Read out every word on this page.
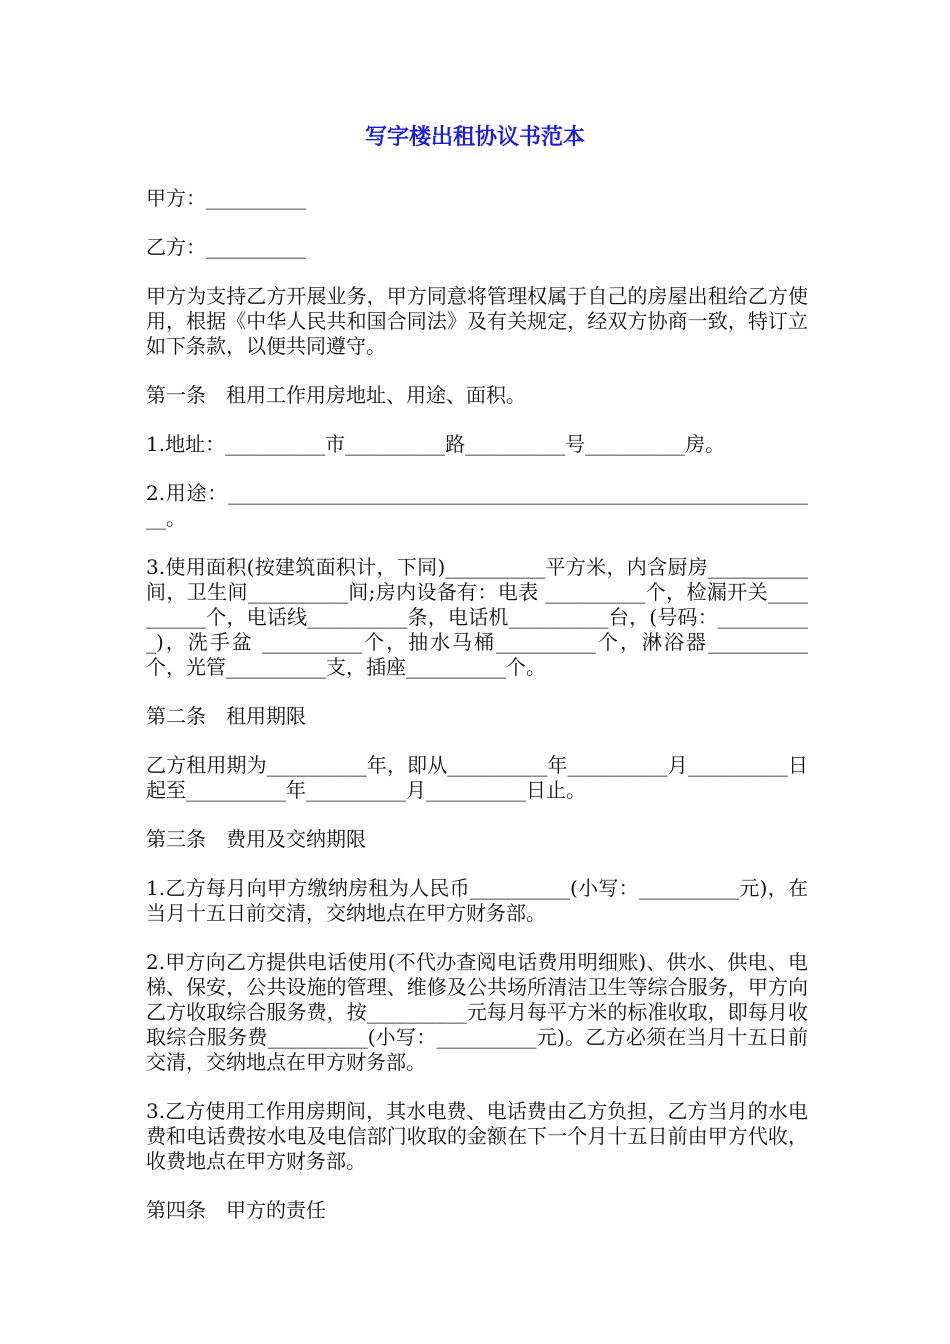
写字楼出租协议书范本

甲方：__________

乙方：__________

甲方为支持乙方开展业务，甲方同意将管理权属于自己的房屋出租给乙方使用，根据《中华人民共和国合同法》及有关规定，经双方协商一致，特订立如下条款，以便共同遵守。

第一条　租用工作用房地址、用途、面积。

1.地址：__________市__________路__________号__________房。

2.用途：____________________________________________________________。

3.使用面积(按建筑面积计，下同)__________平方米，内含厨房__________间，卫生间__________间;房内设备有：电表 __________个，检漏开关__________个，电话线__________条，电话机__________台，(号码：__________)，洗手盆 __________个，抽水马桶__________个，淋浴器__________个，光管__________支，插座__________个。

第二条　租用期限

乙方租用期为__________年，即从__________年__________月__________日起至__________年__________月__________日止。

第三条　费用及交纳期限

1.乙方每月向甲方缴纳房租为人民币__________(小写：__________元)，在当月十五日前交清，交纳地点在甲方财务部。

2.甲方向乙方提供电话使用(不代办查阅电话费用明细账)、供水、供电、电梯、保安，公共设施的管理、维修及公共场所清洁卫生等综合服务，甲方向乙方收取综合服务费，按__________元每月每平方米的标准收取，即每月收取综合服务费__________(小写：__________元)。乙方必须在当月十五日前交清，交纳地点在甲方财务部。

3.乙方使用工作用房期间，其水电费、电话费由乙方负担，乙方当月的水电费和电话费按水电及电信部门收取的金额在下一个月十五日前由甲方代收，收费地点在甲方财务部。

第四条　甲方的责任
